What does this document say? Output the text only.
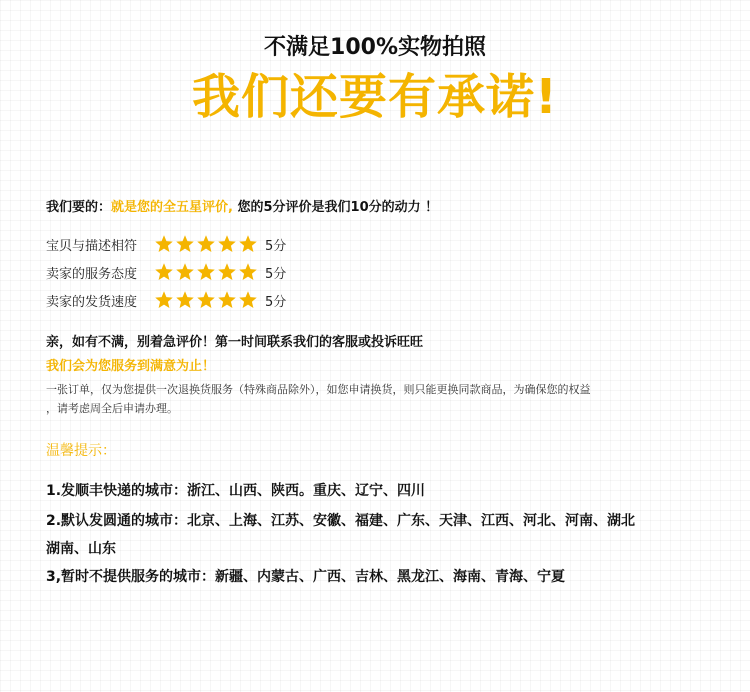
不满足100%实物拍照
我们还要有承诺!
我们要的：就是您的全五星评价, 您的5分评价是我们10分的动力 ！
宝贝与描述相符	5分
卖家的服务态度	5分
卖家的发货速度	5分
亲，如有不满，别着急评价！第一时间联系我们的客服或投诉旺旺
我们会为您服务到满意为止！
一张订单，仅为您提供一次退换货服务（特殊商品除外），如您申请换货，则只能更换同款商品，为确保您的权益
，请考虑周全后申请办理。
温馨提示：
1.发顺丰快递的城市：浙江、山西、陕西。重庆、辽宁、四川
2.默认发圆通的城市：北京、上海、江苏、安徽、福建、广东、天津、江西、河北、河南、湖北
湖南、山东
3,暂时不提供服务的城市：新疆、内蒙古、广西、吉林、黑龙江、海南、青海、宁夏
